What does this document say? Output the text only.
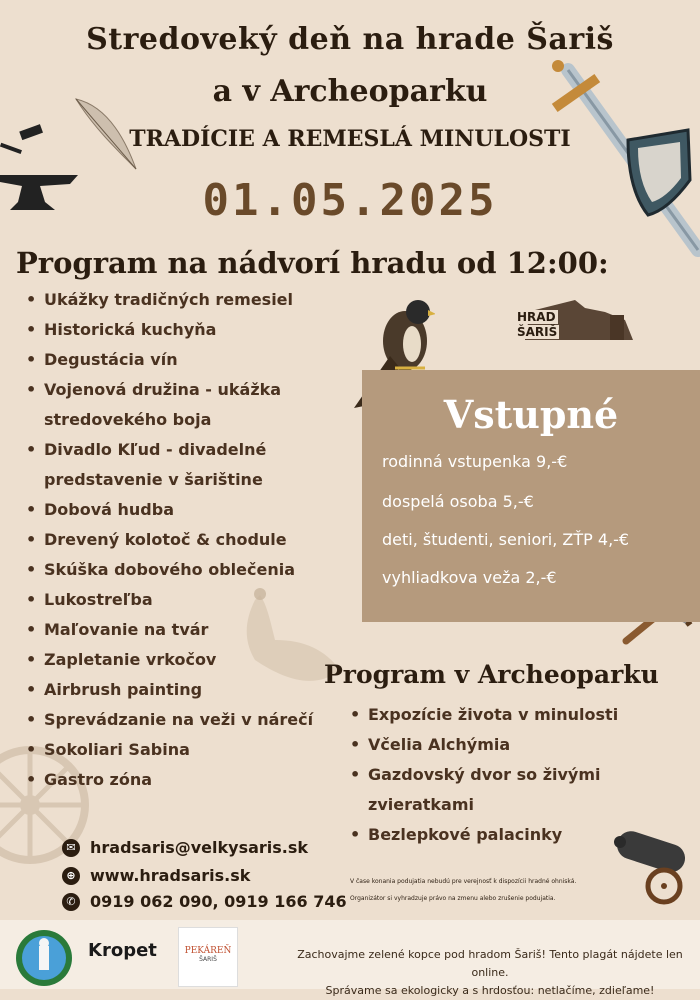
HRAD
ŠARIŠ
Stredoveký deň na hrade Šariš
a v Archeoparku
TRADÍCIE A REMESLÁ MINULOSTI
01.05.2025
Program na nádvorí hradu od 12:00:
• Ukážky tradičných remesiel
• Historická kuchyňa
• Degustácia vín
• Vojenová družina - ukážka stredovekého boja
• Divadlo Kľud - divadelné predstavenie v šarištine
• Dobová hudba
• Drevený kolotoč & chodule
• Skúška dobového oblečenia
• Lukostreľba
• Maľovanie na tvár
• Zapletanie vrkočov
• Airbrush painting
• Sprevádzanie na veži v nárečí
• Sokoliari Sabina
• Gastro zóna
Vstupné
rodinná vstupenka 9,-€
dospelá osoba 5,-€
deti, študenti, seniori, ZŤP 4,-€
vyhliadkova veža 2,-€
Program v Archeoparku
• Expozície života v minulosti
• Včelia Alchýmia
• Gazdovský dvor so živými zvieratkami
• Bezlepkové palacinky
V čase konania podujatia nebudú pre verejnosť k dispozícii hradné ohniská.
Organizátor si vyhradzuje právo na zmenu alebo zrušenie podujatia.
✉ hradsaris@velkysaris.sk
⊕ www.hradsaris.sk
✆ 0919 062 090, 0919 166 746
Kropet	PEKÁREŇ
ŠARIŠ	Zachovajme zelené kopce pod hradom Šariš! Tento plagát nájdete len online.
Správame sa ekologicky a s hrdosťou: netlačíme, zdieľame!
